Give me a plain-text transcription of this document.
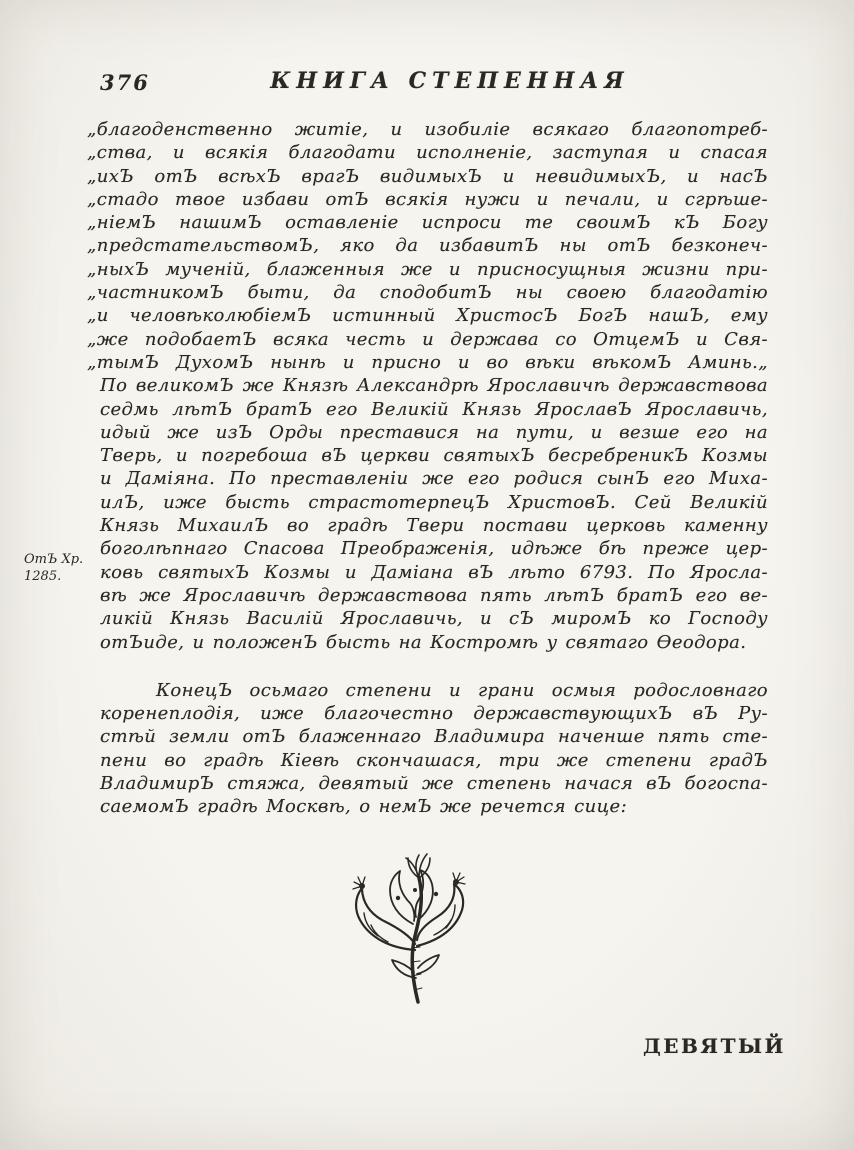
376	КНИГА СТЕПЕННАЯ
ОтЪ Хр.
1285.
„благоденственно житіе, и изобиліе всякаго благопотреб-
„ства, и всякія благодати исполненіе, заступая и спасая
„ихЪ отЪ всѣхЪ врагЪ видимыхЪ и невидимыхЪ, и насЪ
„стадо твое избави отЪ всякія нужи и печали, и сгрѣше-
„ніемЪ нашимЪ оставленіе испроси те своимЪ кЪ Богу
„предстательствомЪ, яко да избавитЪ ны отЪ безконеч-
„ныхЪ мученій, блаженныя же и присносущныя жизни при-
„частникомЪ быти, да сподобитЪ ны своею благодатію
„и человѣколюбіемЪ истинный ХристосЪ БогЪ нашЪ, ему
„же подобаетЪ всяка честь и держава со ОтцемЪ и Свя-
„тымЪ ДухомЪ нынѣ и присно и во вѣки вѣкомЪ Аминь.„
По великомЪ же Князѣ Александрѣ Ярославичѣ державствова
седмь лѣтЪ братЪ его Великій Князь ЯрославЪ Ярославичь,
идый же изЪ Орды преставися на пути, и везше его на
Тверь, и погребоша вЪ церкви святыхЪ бесребреникЪ Козмы
и Даміяна. По преставленіи же его родися сынЪ его Миха-
илЪ, иже бысть страстотерпецЪ ХристовЪ. Сей Великій
Князь МихаилЪ во градѣ Твери постави церковь каменну
боголѣпнаго Спасова Преображенія, идѣже бѣ преже цер-
ковь святыхЪ Козмы и Даміана вЪ лѣто 6793. По Яросла-
вѣ же Ярославичѣ державствова пять лѣтЪ братЪ его ве-
ликій Князь Василій Ярославичь, и сЪ миромЪ ко Господу
отЪиде, и положенЪ бысть на Костромѣ у святаго Ѳеодора.
КонецЪ осьмаго степени и грани осмыя родословнаго
коренеплодія, иже благочестно державствующихЪ вЪ Ру-
стѣй земли отЪ блаженнаго Владимира наченше пять сте-
пени во градѣ Кіевѣ скончашася, три же степени градЪ
ВладимирЪ стяжа, девятый же степень начася вЪ богоспа-
саемомЪ градѣ Москвѣ, о немЪ же речется сице:
ДЕВЯТЫЙ
